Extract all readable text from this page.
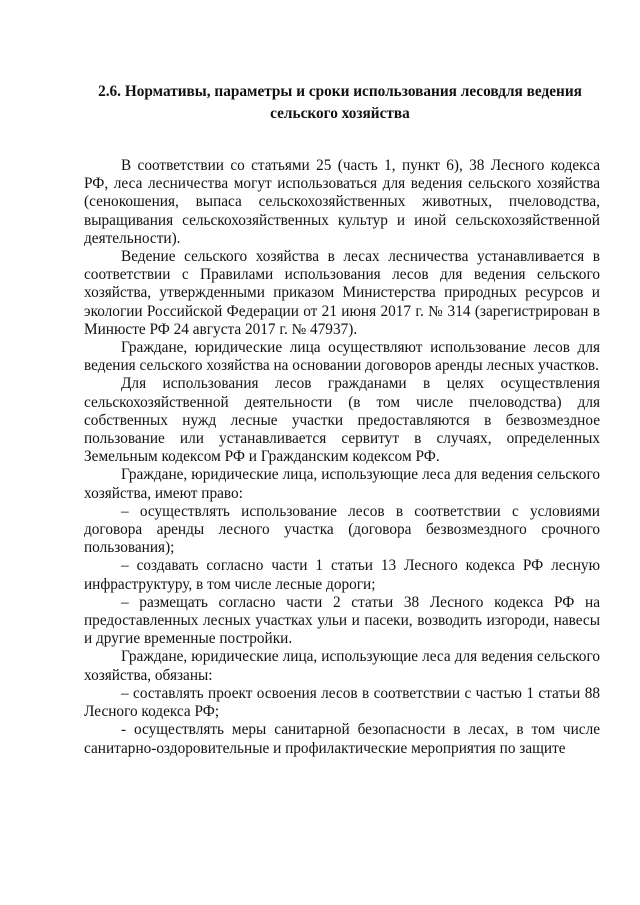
2.6. Нормативы, параметры и сроки использования лесовдля ведения
сельского хозяйства

В соответствии со статьями 25 (часть 1, пункт 6), 38 Лесного кодекса РФ, леса лесничества могут использоваться для ведения сельского хозяйства (сенокошения, выпаса сельскохозяйственных животных, пчеловодства, выращивания сельскохозяйственных культур и иной сельскохозяйственной деятельности).

Ведение сельского хозяйства в лесах лесничества устанавливается в соответствии с Правилами использования лесов для ведения сельского хозяйства, утвержденными приказом Министерства природных ресурсов и экологии Российской Федерации от 21 июня 2017 г. № 314 (зарегистрирован в Минюсте РФ 24 августа 2017 г. № 47937).

Граждане, юридические лица осуществляют использование лесов для ведения сельского хозяйства на основании договоров аренды лесных участков.

Для использования лесов гражданами в целях осуществления сельскохозяйственной деятельности (в том числе пчеловодства) для собственных нужд лесные участки предоставляются в безвозмездное пользование или устанавливается сервитут в случаях, определенных Земельным кодексом РФ и Гражданским кодексом РФ.

Граждане, юридические лица, использующие леса для ведения сельского хозяйства, имеют право:

– осуществлять использование лесов в соответствии с условиями договора аренды лесного участка (договора безвозмездного срочного пользования);

– создавать согласно части 1 статьи 13 Лесного кодекса РФ лесную инфраструктуру, в том числе лесные дороги;

– размещать согласно части 2 статьи 38 Лесного кодекса РФ на предоставленных лесных участках ульи и пасеки, возводить изгороди, навесы и другие временные постройки.

Граждане, юридические лица, использующие леса для ведения сельского хозяйства, обязаны:

– составлять проект освоения лесов в соответствии с частью 1 статьи 88 Лесного кодекса РФ;

- осуществлять меры санитарной безопасности в лесах, в том числе санитарно-оздоровительные и профилактические мероприятия по защите
